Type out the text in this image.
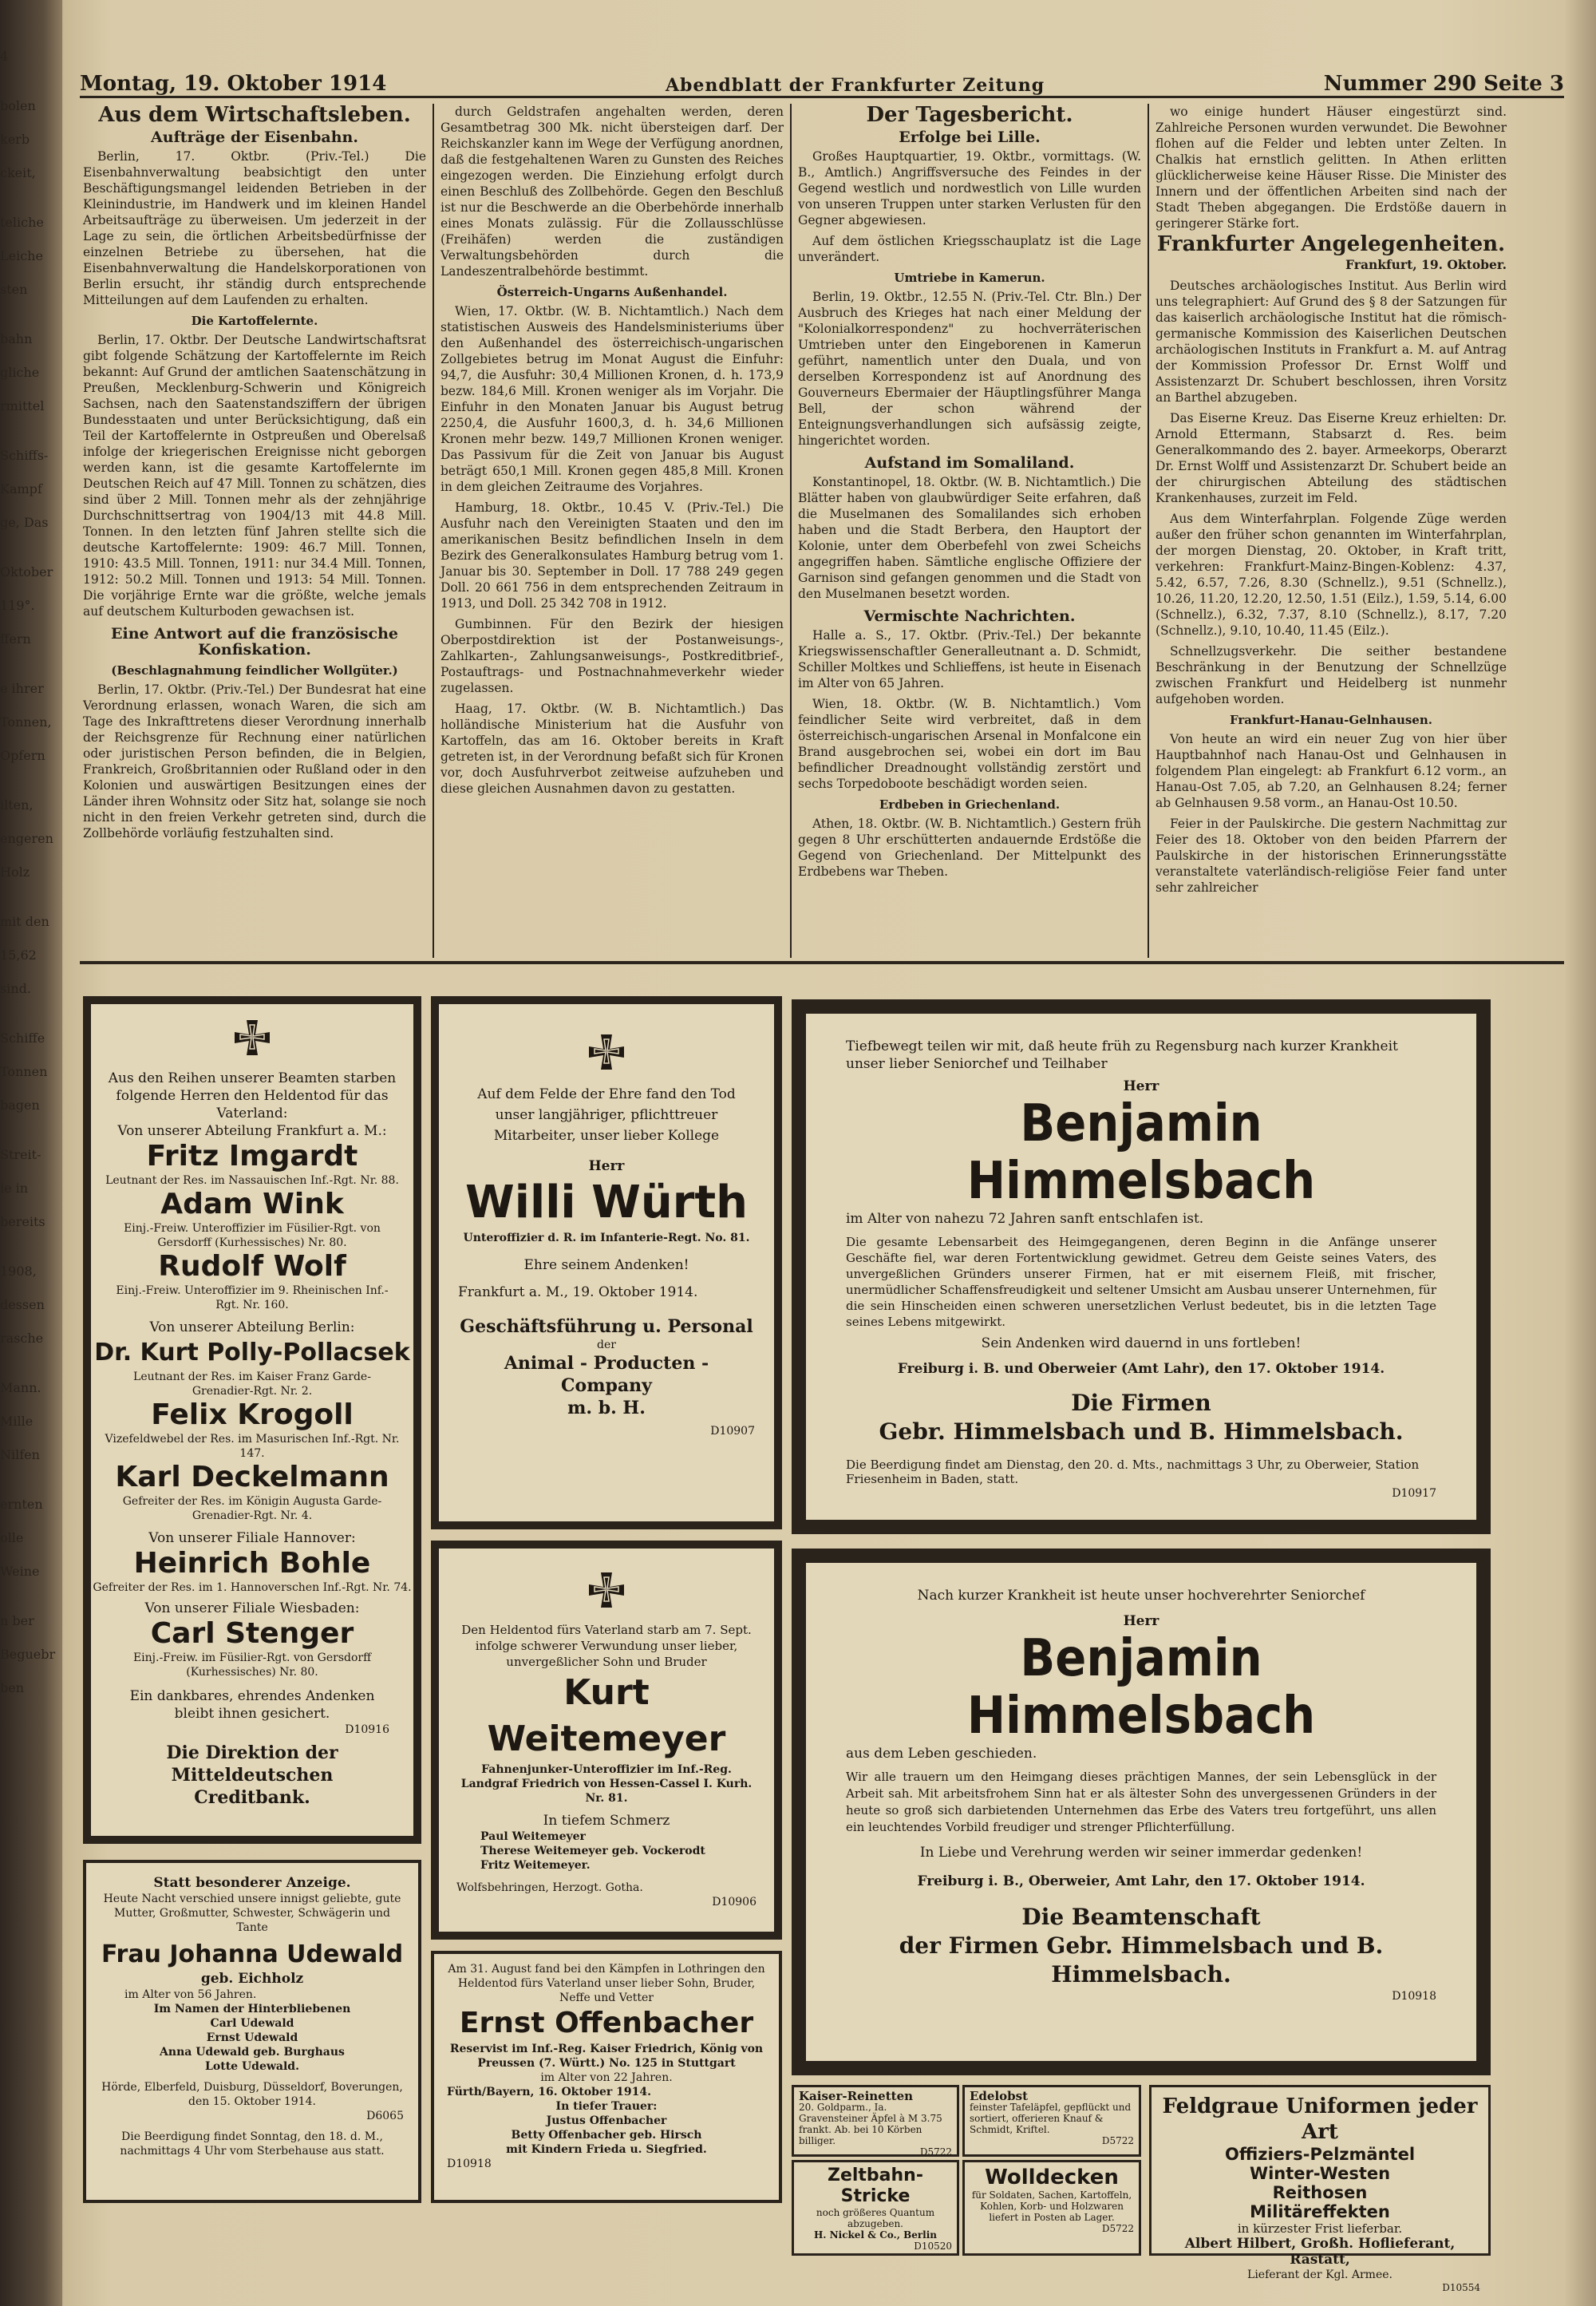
4
bolen
kerb
ckeit,
teliche
Leiche
sten
bahn
gliche
rmittel
Schiffs-
Kampf
ge, Das
Oktober
119°.
ffern
e ihrer
Tonnen,
Opfern
ilten,
engeren
Holz
mit den
15,62
sind.
Schiffe
Tonnen
bagen
Streit-
ie in
bereits
1908,
dessen
rasche
Mann.
Mille
Nilfen
ernten
olle
Weine
n ber
Beguebr
ben
Montag, 19. Oktober 1914	Abendblatt der Frankfurter Zeitung	Nummer 290 Seite 3
Aus dem Wirtschaftsleben.
Aufträge der Eisenbahn.

Berlin, 17. Oktbr. (Priv.-Tel.) Die Eisenbahnverwaltung beabsichtigt den unter Beschäftigungsmangel leidenden Betrieben in der Kleinindustrie, im Handwerk und im kleinen Handel Arbeitsaufträge zu überweisen. Um jederzeit in der Lage zu sein, die örtlichen Arbeitsbedürfnisse der einzelnen Betriebe zu übersehen, hat die Eisenbahnverwaltung die Handelskorporationen von Berlin ersucht, ihr ständig durch entsprechende Mitteilungen auf dem Laufenden zu erhalten.

Die Kartoffelernte.

Berlin, 17. Oktbr. Der Deutsche Landwirtschaftsrat gibt folgende Schätzung der Kartoffelernte im Reich bekannt: Auf Grund der amtlichen Saatenschätzung in Preußen, Mecklenburg-Schwerin und Königreich Sachsen, nach den Saatenstandsziffern der übrigen Bundesstaaten und unter Berücksichtigung, daß ein Teil der Kartoffelernte in Ostpreußen und Oberelsaß infolge der kriegerischen Ereignisse nicht geborgen werden kann, ist die gesamte Kartoffelernte im Deutschen Reich auf 47 Mill. Tonnen zu schätzen, dies sind über 2 Mill. Tonnen mehr als der zehnjährige Durchschnittsertrag von 1904/13 mit 44.8 Mill. Tonnen. In den letzten fünf Jahren stellte sich die deutsche Kartoffelernte: 1909: 46.7 Mill. Tonnen, 1910: 43.5 Mill. Tonnen, 1911: nur 34.4 Mill. Tonnen, 1912: 50.2 Mill. Tonnen und 1913: 54 Mill. Tonnen. Die vorjährige Ernte war die größte, welche jemals auf deutschem Kulturboden gewachsen ist.

Eine Antwort auf die französische Konfiskation.
(Beschlagnahmung feindlicher Wollgüter.)

Berlin, 17. Oktbr. (Priv.-Tel.) Der Bundesrat hat eine Verordnung erlassen, wonach Waren, die sich am Tage des Inkrafttretens dieser Verordnung innerhalb der Reichsgrenze für Rechnung einer natürlichen oder juristischen Person befinden, die in Belgien, Frankreich, Großbritannien oder Rußland oder in den Kolonien und auswärtigen Besitzungen eines der Länder ihren Wohnsitz oder Sitz hat, solange sie noch nicht in den freien Verkehr getreten sind, durch die Zollbehörde vorläufig festzuhalten sind.

durch Geldstrafen angehalten werden, deren Gesamtbetrag 300 Mk. nicht übersteigen darf. Der Reichskanzler kann im Wege der Verfügung anordnen, daß die festgehaltenen Waren zu Gunsten des Reiches eingezogen werden. Die Einziehung erfolgt durch einen Beschluß des Zollbehörde. Gegen den Beschluß ist nur die Beschwerde an die Oberbehörde innerhalb eines Monats zulässig. Für die Zollausschlüsse (Freihäfen) werden die zuständigen Verwaltungsbehörden durch die Landeszentralbehörde bestimmt.

Österreich-Ungarns Außenhandel.

Wien, 17. Oktbr. (W. B. Nichtamtlich.) Nach dem statistischen Ausweis des Handelsministeriums über den Außenhandel des österreichisch-ungarischen Zollgebietes betrug im Monat August die Einfuhr: 94,7, die Ausfuhr: 30,4 Millionen Kronen, d. h. 173,9 bezw. 184,6 Mill. Kronen weniger als im Vorjahr. Die Einfuhr in den Monaten Januar bis August betrug 2250,4, die Ausfuhr 1600,3, d. h. 34,6 Millionen Kronen mehr bezw. 149,7 Millionen Kronen weniger. Das Passivum für die Zeit von Januar bis August beträgt 650,1 Mill. Kronen gegen 485,8 Mill. Kronen in dem gleichen Zeitraume des Vorjahres.

Hamburg, 18. Oktbr., 10.45 V. (Priv.-Tel.) Die Ausfuhr nach den Vereinigten Staaten und den im amerikanischen Besitz befindlichen Inseln in dem Bezirk des Generalkonsulates Hamburg betrug vom 1. Januar bis 30. September in Doll. 17 788 249 gegen Doll. 20 661 756 in dem entsprechenden Zeitraum in 1913, und Doll. 25 342 708 in 1912.

Gumbinnen. Für den Bezirk der hiesigen Oberpostdirektion ist der Postanweisungs-, Zahlkarten-, Zahlungsanweisungs-, Postkreditbrief-, Postauftrags- und Postnachnahmeverkehr wieder zugelassen.

Haag, 17. Oktbr. (W. B. Nichtamtlich.) Das holländische Ministerium hat die Ausfuhr von Kartoffeln, das am 16. Oktober bereits in Kraft getreten ist, in der Verordnung befaßt sich für Kronen vor, doch Ausfuhrverbot zeitweise aufzuheben und diese gleichen Ausnahmen davon zu gestatten.

Der Tagesbericht.
Erfolge bei Lille.

Großes Hauptquartier, 19. Oktbr., vormittags. (W. B., Amtlich.) Angriffsversuche des Feindes in der Gegend westlich und nordwestlich von Lille wurden von unseren Truppen unter starken Verlusten für den Gegner abgewiesen.

Auf dem östlichen Kriegsschauplatz ist die Lage unverändert.

Umtriebe in Kamerun.

Berlin, 19. Oktbr., 12.55 N. (Priv.-Tel. Ctr. Bln.) Der Ausbruch des Krieges hat nach einer Meldung der "Kolonialkorrespondenz" zu hochverräterischen Umtrieben unter den Eingeborenen in Kamerun geführt, namentlich unter den Duala, und von derselben Korrespondenz ist auf Anordnung des Gouverneurs Ebermaier der Häuptlingsführer Manga Bell, der schon während der Enteignungsverhandlungen sich aufsässig zeigte, hingerichtet worden.

Aufstand im Somaliland.

Konstantinopel, 18. Oktbr. (W. B. Nichtamtlich.) Die Blätter haben von glaubwürdiger Seite erfahren, daß die Muselmanen des Somalilandes sich erhoben haben und die Stadt Berbera, den Hauptort der Kolonie, unter dem Oberbefehl von zwei Scheichs angegriffen haben. Sämtliche englische Offiziere der Garnison sind gefangen genommen und die Stadt von den Muselmanen besetzt worden.

Vermischte Nachrichten.

Halle a. S., 17. Oktbr. (Priv.-Tel.) Der bekannte Kriegswissenschaftler Generalleutnant a. D. Schmidt, Schiller Moltkes und Schlieffens, ist heute in Eisenach im Alter von 65 Jahren.

Wien, 18. Oktbr. (W. B. Nichtamtlich.) Vom feindlicher Seite wird verbreitet, daß in dem österreichisch-ungarischen Arsenal in Monfalcone ein Brand ausgebrochen sei, wobei ein dort im Bau befindlicher Dreadnought vollständig zerstört und sechs Torpedoboote beschädigt worden seien.

Erdbeben in Griechenland.

Athen, 18. Oktbr. (W. B. Nichtamtlich.) Gestern früh gegen 8 Uhr erschütterten andauernde Erdstöße die Gegend von Griechenland. Der Mittelpunkt des Erdbebens war Theben.

wo einige hundert Häuser eingestürzt sind. Zahlreiche Personen wurden verwundet. Die Bewohner flohen auf die Felder und lebten unter Zelten. In Chalkis hat ernstlich gelitten. In Athen erlitten glücklicherweise keine Häuser Risse. Die Minister des Innern und der öffentlichen Arbeiten sind nach der Stadt Theben abgegangen. Die Erdstöße dauern in geringerer Stärke fort.

Frankfurter Angelegenheiten.

Frankfurt, 19. Oktober.

Deutsches archäologisches Institut. Aus Berlin wird uns telegraphiert: Auf Grund des § 8 der Satzungen für das kaiserlich archäologische Institut hat die römisch-germanische Kommission des Kaiserlichen Deutschen archäologischen Instituts in Frankfurt a. M. auf Antrag der Kommission Professor Dr. Ernst Wolff und Assistenzarzt Dr. Schubert beschlossen, ihren Vorsitz an Barthel abzugeben.

Das Eiserne Kreuz. Das Eiserne Kreuz erhielten: Dr. Arnold Ettermann, Stabsarzt d. Res. beim Generalkommando des 2. bayer. Armeekorps, Oberarzt Dr. Ernst Wolff und Assistenzarzt Dr. Schubert beide an der chirurgischen Abteilung des städtischen Krankenhauses, zurzeit im Feld.

Aus dem Winterfahrplan. Folgende Züge werden außer den früher schon genannten im Winterfahrplan, der morgen Dienstag, 20. Oktober, in Kraft tritt, verkehren: Frankfurt-Mainz-Bingen-Koblenz: 4.37, 5.42, 6.57, 7.26, 8.30 (Schnellz.), 9.51 (Schnellz.), 10.26, 11.20, 12.20, 12.50, 1.51 (Eilz.), 1.59, 5.14, 6.00 (Schnellz.), 6.32, 7.37, 8.10 (Schnellz.), 8.17, 7.20 (Schnellz.), 9.10, 10.40, 11.45 (Eilz.).

Schnellzugsverkehr. Die seither bestandene Beschränkung in der Benutzung der Schnellzüge zwischen Frankfurt und Heidelberg ist nunmehr aufgehoben worden.

Frankfurt-Hanau-Gelnhausen.

Von heute an wird ein neuer Zug von hier über Hauptbahnhof nach Hanau-Ost und Gelnhausen in folgendem Plan eingelegt: ab Frankfurt 6.12 vorm., an Hanau-Ost 7.05, ab 7.20, an Gelnhausen 8.24; ferner ab Gelnhausen 9.58 vorm., an Hanau-Ost 10.50.

Feier in der Paulskirche. Die gestern Nachmittag zur Feier des 18. Oktober von den beiden Pfarrern der Paulskirche in der historischen Erinnerungsstätte veranstaltete vaterländisch-religiöse Feier fand unter sehr zahlreicher

Aus den Reihen unserer Beamten starben folgende Herren den Heldentod für das Vaterland:
Von unserer Abteilung Frankfurt a. M.:
Fritz Imgardt
Leutnant der Res. im Nassauischen Inf.-Rgt. Nr. 88.
Adam Wink
Einj.-Freiw. Unteroffizier im Füsilier-Rgt. von Gersdorff (Kurhessisches) Nr. 80.
Rudolf Wolf
Einj.-Freiw. Unteroffizier im 9. Rheinischen Inf.-Rgt. Nr. 160.
Von unserer Abteilung Berlin:
Dr. Kurt Polly-Pollacsek
Leutnant der Res. im Kaiser Franz Garde-Grenadier-Rgt. Nr. 2.
Felix Krogoll
Vizefeldwebel der Res. im Masurischen Inf.-Rgt. Nr. 147.
Karl Deckelmann
Gefreiter der Res. im Königin Augusta Garde-Grenadier-Rgt. Nr. 4.
Von unserer Filiale Hannover:
Heinrich Bohle
Gefreiter der Res. im 1. Hannoverschen Inf.-Rgt. Nr. 74.
Von unserer Filiale Wiesbaden:
Carl Stenger
Einj.-Freiw. im Füsilier-Rgt. von Gersdorff (Kurhessisches) Nr. 80.
Ein dankbares, ehrendes Andenken bleibt ihnen gesichert.
D10916
Die Direktion der Mitteldeutschen Creditbank.
Statt besonderer Anzeige.
Heute Nacht verschied unsere innigst geliebte, gute Mutter, Großmutter, Schwester, Schwägerin und Tante
Frau Johanna Udewald
geb. Eichholz
im Alter von 56 Jahren.
Im Namen der Hinterbliebenen
Carl Udewald
Ernst Udewald
Anna Udewald geb. Burghaus
Lotte Udewald.
Hörde, Elberfeld, Duisburg, Düsseldorf, Boverungen, den 15. Oktober 1914.
D6065
Die Beerdigung findet Sonntag, den 18. d. M., nachmittags 4 Uhr vom Sterbehause aus statt.
Auf dem Felde der Ehre fand den Tod unser langjähriger, pflichttreuer Mitarbeiter, unser lieber Kollege
Herr
Willi Würth
Unteroffizier d. R. im Infanterie-Regt. No. 81.
Ehre seinem Andenken!
Frankfurt a. M., 19. Oktober 1914.
Geschäftsführung u. Personal
der
Animal - Producten - Company
m. b. H.
D10907
Den Heldentod fürs Vaterland starb am 7. Sept. infolge schwerer Verwundung unser lieber, unvergeßlicher Sohn und Bruder
Kurt Weitemeyer
Fahnenjunker-Unteroffizier im Inf.-Reg. Landgraf Friedrich von Hessen-Cassel I. Kurh. Nr. 81.
In tiefem Schmerz
Paul Weitemeyer
Therese Weitemeyer geb. Vockerodt
Fritz Weitemeyer.
Wolfsbehringen, Herzogt. Gotha.
D10906
Am 31. August fand bei den Kämpfen in Lothringen den Heldentod fürs Vaterland unser lieber Sohn, Bruder, Neffe und Vetter
Ernst Offenbacher
Reservist im Inf.-Reg. Kaiser Friedrich, König von Preussen (7. Württ.) No. 125 in Stuttgart
im Alter von 22 Jahren.
Fürth/Bayern, 16. Oktober 1914.
In tiefer Trauer:
Justus Offenbacher
Betty Offenbacher geb. Hirsch
mit Kindern Frieda u. Siegfried.
D10918
Tiefbewegt teilen wir mit, daß heute früh zu Regensburg nach kurzer Krankheit unser lieber Seniorchef und Teilhaber
Herr
Benjamin Himmelsbach
im Alter von nahezu 72 Jahren sanft entschlafen ist.
Die gesamte Lebensarbeit des Heimgegangenen, deren Beginn in die Anfänge unserer Geschäfte fiel, war deren Fortentwicklung gewidmet. Getreu dem Geiste seines Vaters, des unvergeßlichen Gründers unserer Firmen, hat er mit eisernem Fleiß, mit frischer, unermüdlicher Schaffensfreudigkeit und seltener Umsicht am Ausbau unserer Unternehmen, für die sein Hinscheiden einen schweren unersetzlichen Verlust bedeutet, bis in die letzten Tage seines Lebens mitgewirkt.
Sein Andenken wird dauernd in uns fortleben!
Freiburg i. B. und Oberweier (Amt Lahr), den 17. Oktober 1914.
Die Firmen
Gebr. Himmelsbach und B. Himmelsbach.
Die Beerdigung findet am Dienstag, den 20. d. Mts., nachmittags 3 Uhr, zu Oberweier, Station Friesenheim in Baden, statt.
D10917
Nach kurzer Krankheit ist heute unser hochverehrter Seniorchef
Herr
Benjamin Himmelsbach
aus dem Leben geschieden.
Wir alle trauern um den Heimgang dieses prächtigen Mannes, der sein Lebensglück in der Arbeit sah. Mit arbeitsfrohem Sinn hat er als ältester Sohn des unvergessenen Gründers in der heute so groß sich darbietenden Unternehmen das Erbe des Vaters treu fortgeführt, uns allen ein leuchtendes Vorbild freudiger und strenger Pflichterfüllung.
In Liebe und Verehrung werden wir seiner immerdar gedenken!
Freiburg i. B., Oberweier, Amt Lahr, den 17. Oktober 1914.
Die Beamtenschaft
der Firmen Gebr. Himmelsbach und B. Himmelsbach.
D10918
Kaiser-Reinetten
20. Goldparm., Ia. Gravensteiner Äpfel à M 3.75 frankt. Ab. bei 10 Körben billiger.
D5722
Edelobst
feinster Tafeläpfel, gepflückt und sortiert, offerieren Knauf & Schmidt, Kriftel.
D5722
Zeltbahn-Stricke
noch größeres Quantum abzugeben.
H. Nickel & Co., Berlin
D10520
Wolldecken
für Soldaten, Sachen, Kartoffeln, Kohlen, Korb- und Holzwaren liefert in Posten ab Lager.
D5722
Feldgraue Uniformen jeder Art
Offiziers-Pelzmäntel
Winter-Westen
Reithosen
Militäreffekten
in kürzester Frist lieferbar.
Albert Hilbert, Großh. Hoflieferant, Rastatt,
Lieferant der Kgl. Armee.
D10554
